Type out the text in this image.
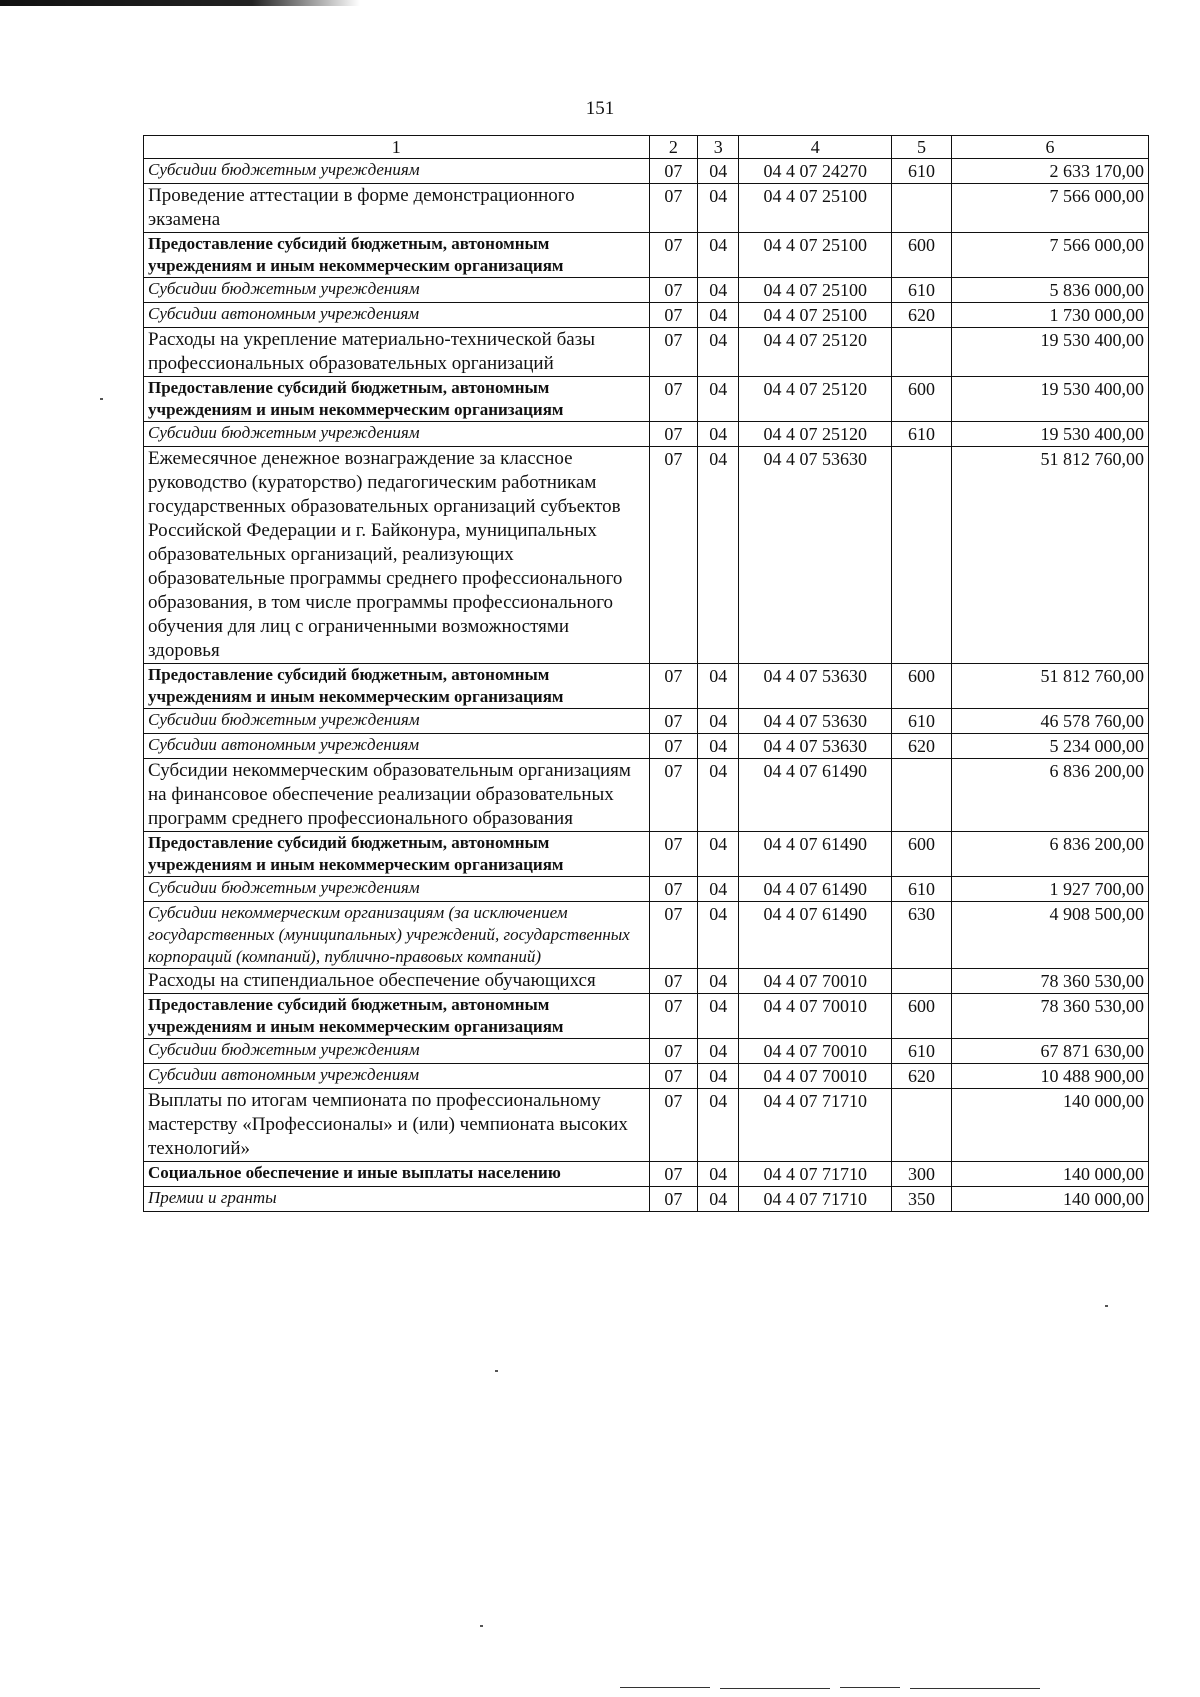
151
1	2	3	4	5	6
Субсидии бюджетным учреждениям	07	04	04 4 07 24270	610	2 633 170,00
Проведение аттестации в форме демонстрационного экзамена	07	04	04 4 07 25100		7 566 000,00
Предоставление субсидий бюджетным, автономным учреждениям и иным некоммерческим организациям	07	04	04 4 07 25100	600	7 566 000,00
Субсидии бюджетным учреждениям	07	04	04 4 07 25100	610	5 836 000,00
Субсидии автономным учреждениям	07	04	04 4 07 25100	620	1 730 000,00
Расходы на укрепление материально-технической базы профессиональных образовательных организаций	07	04	04 4 07 25120		19 530 400,00
Предоставление субсидий бюджетным, автономным учреждениям и иным некоммерческим организациям	07	04	04 4 07 25120	600	19 530 400,00
Субсидии бюджетным учреждениям	07	04	04 4 07 25120	610	19 530 400,00
Ежемесячное денежное вознаграждение за классное руководство (кураторство) педагогическим работникам государственных образовательных организаций субъектов Российской Федерации и г. Байконура, муниципальных образовательных организаций, реализующих образовательные программы среднего профессионального образования, в том числе программы профессионального обучения для лиц с ограниченными возможностями здоровья	07	04	04 4 07 53630		51 812 760,00
Предоставление субсидий бюджетным, автономным учреждениям и иным некоммерческим организациям	07	04	04 4 07 53630	600	51 812 760,00
Субсидии бюджетным учреждениям	07	04	04 4 07 53630	610	46 578 760,00
Субсидии автономным учреждениям	07	04	04 4 07 53630	620	5 234 000,00
Субсидии некоммерческим образовательным организациям на финансовое обеспечение реализации образовательных программ среднего профессионального образования	07	04	04 4 07 61490		6 836 200,00
Предоставление субсидий бюджетным, автономным учреждениям и иным некоммерческим организациям	07	04	04 4 07 61490	600	6 836 200,00
Субсидии бюджетным учреждениям	07	04	04 4 07 61490	610	1 927 700,00
Субсидии некоммерческим организациям (за исключением государственных (муниципальных) учреждений, государственных корпораций (компаний), публично-правовых компаний)	07	04	04 4 07 61490	630	4 908 500,00
Расходы на стипендиальное обеспечение обучающихся	07	04	04 4 07 70010		78 360 530,00
Предоставление субсидий бюджетным, автономным учреждениям и иным некоммерческим организациям	07	04	04 4 07 70010	600	78 360 530,00
Субсидии бюджетным учреждениям	07	04	04 4 07 70010	610	67 871 630,00
Субсидии автономным учреждениям	07	04	04 4 07 70010	620	10 488 900,00
Выплаты по итогам чемпионата по профессиональному мастерству «Профессионалы» и (или) чемпионата высоких технологий»	07	04	04 4 07 71710		140 000,00
Социальное обеспечение и иные выплаты населению	07	04	04 4 07 71710	300	140 000,00
Премии и гранты	07	04	04 4 07 71710	350	140 000,00
